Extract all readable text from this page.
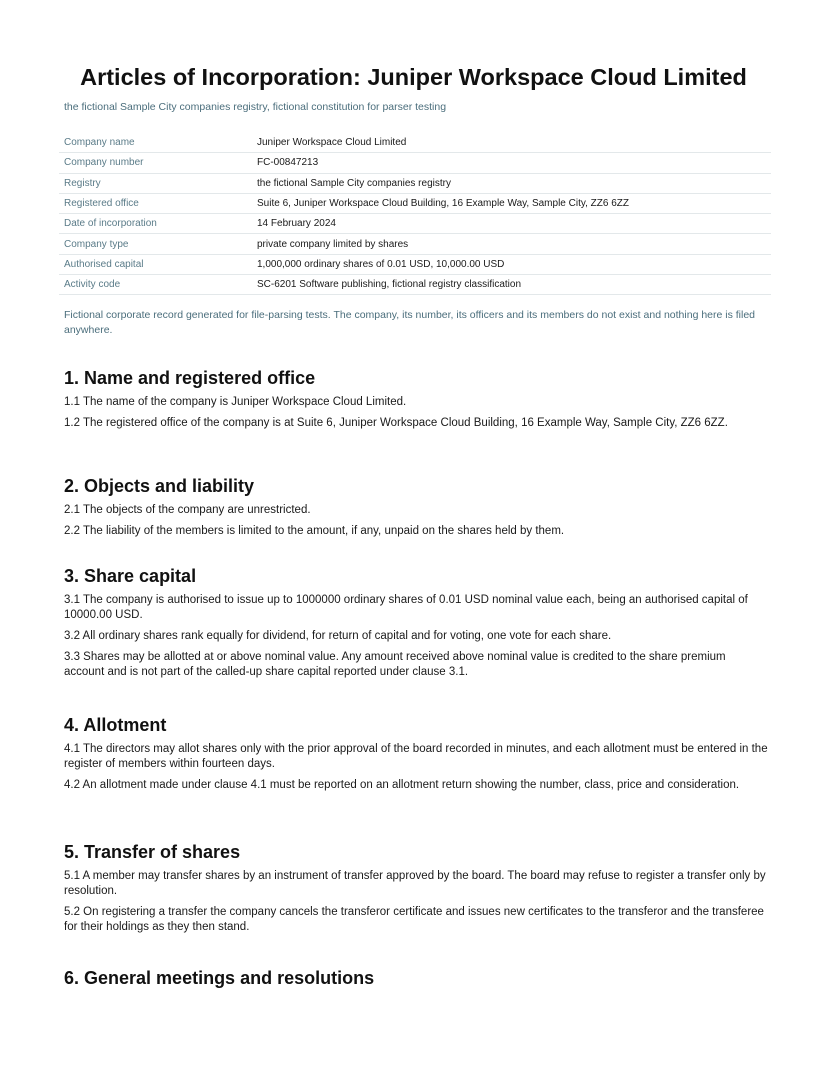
Articles of Incorporation: Juniper Workspace Cloud Limited

the fictional Sample City companies registry, fictional constitution for parser testing

Company name	Juniper Workspace Cloud Limited
Company number	FC-00847213
Registry	the fictional Sample City companies registry
Registered office	Suite 6, Juniper Workspace Cloud Building, 16 Example Way, Sample City, ZZ6 6ZZ
Date of incorporation	14 February 2024
Company type	private company limited by shares
Authorised capital	1,000,000 ordinary shares of 0.01 USD, 10,000.00 USD
Activity code	SC-6201 Software publishing, fictional registry classification

Fictional corporate record generated for file-parsing tests. The company, its number, its officers and its members do not exist and nothing here is filed anywhere.

1. Name and registered office

1.1 The name of the company is Juniper Workspace Cloud Limited.

1.2 The registered office of the company is at Suite 6, Juniper Workspace Cloud Building, 16 Example Way, Sample City, ZZ6 6ZZ.

2. Objects and liability

2.1 The objects of the company are unrestricted.

2.2 The liability of the members is limited to the amount, if any, unpaid on the shares held by them.

3. Share capital

3.1 The company is authorised to issue up to 1000000 ordinary shares of 0.01 USD nominal value each, being an authorised capital of 10000.00 USD.

3.2 All ordinary shares rank equally for dividend, for return of capital and for voting, one vote for each share.

3.3 Shares may be allotted at or above nominal value. Any amount received above nominal value is credited to the share premium account and is not part of the called-up share capital reported under clause 3.1.

4. Allotment

4.1 The directors may allot shares only with the prior approval of the board recorded in minutes, and each allotment must be entered in the register of members within fourteen days.

4.2 An allotment made under clause 4.1 must be reported on an allotment return showing the number, class, price and consideration.

5. Transfer of shares

5.1 A member may transfer shares by an instrument of transfer approved by the board. The board may refuse to register a transfer only by resolution.

5.2 On registering a transfer the company cancels the transferor certificate and issues new certificates to the transferor and the transferee for their holdings as they then stand.

6. General meetings and resolutions
